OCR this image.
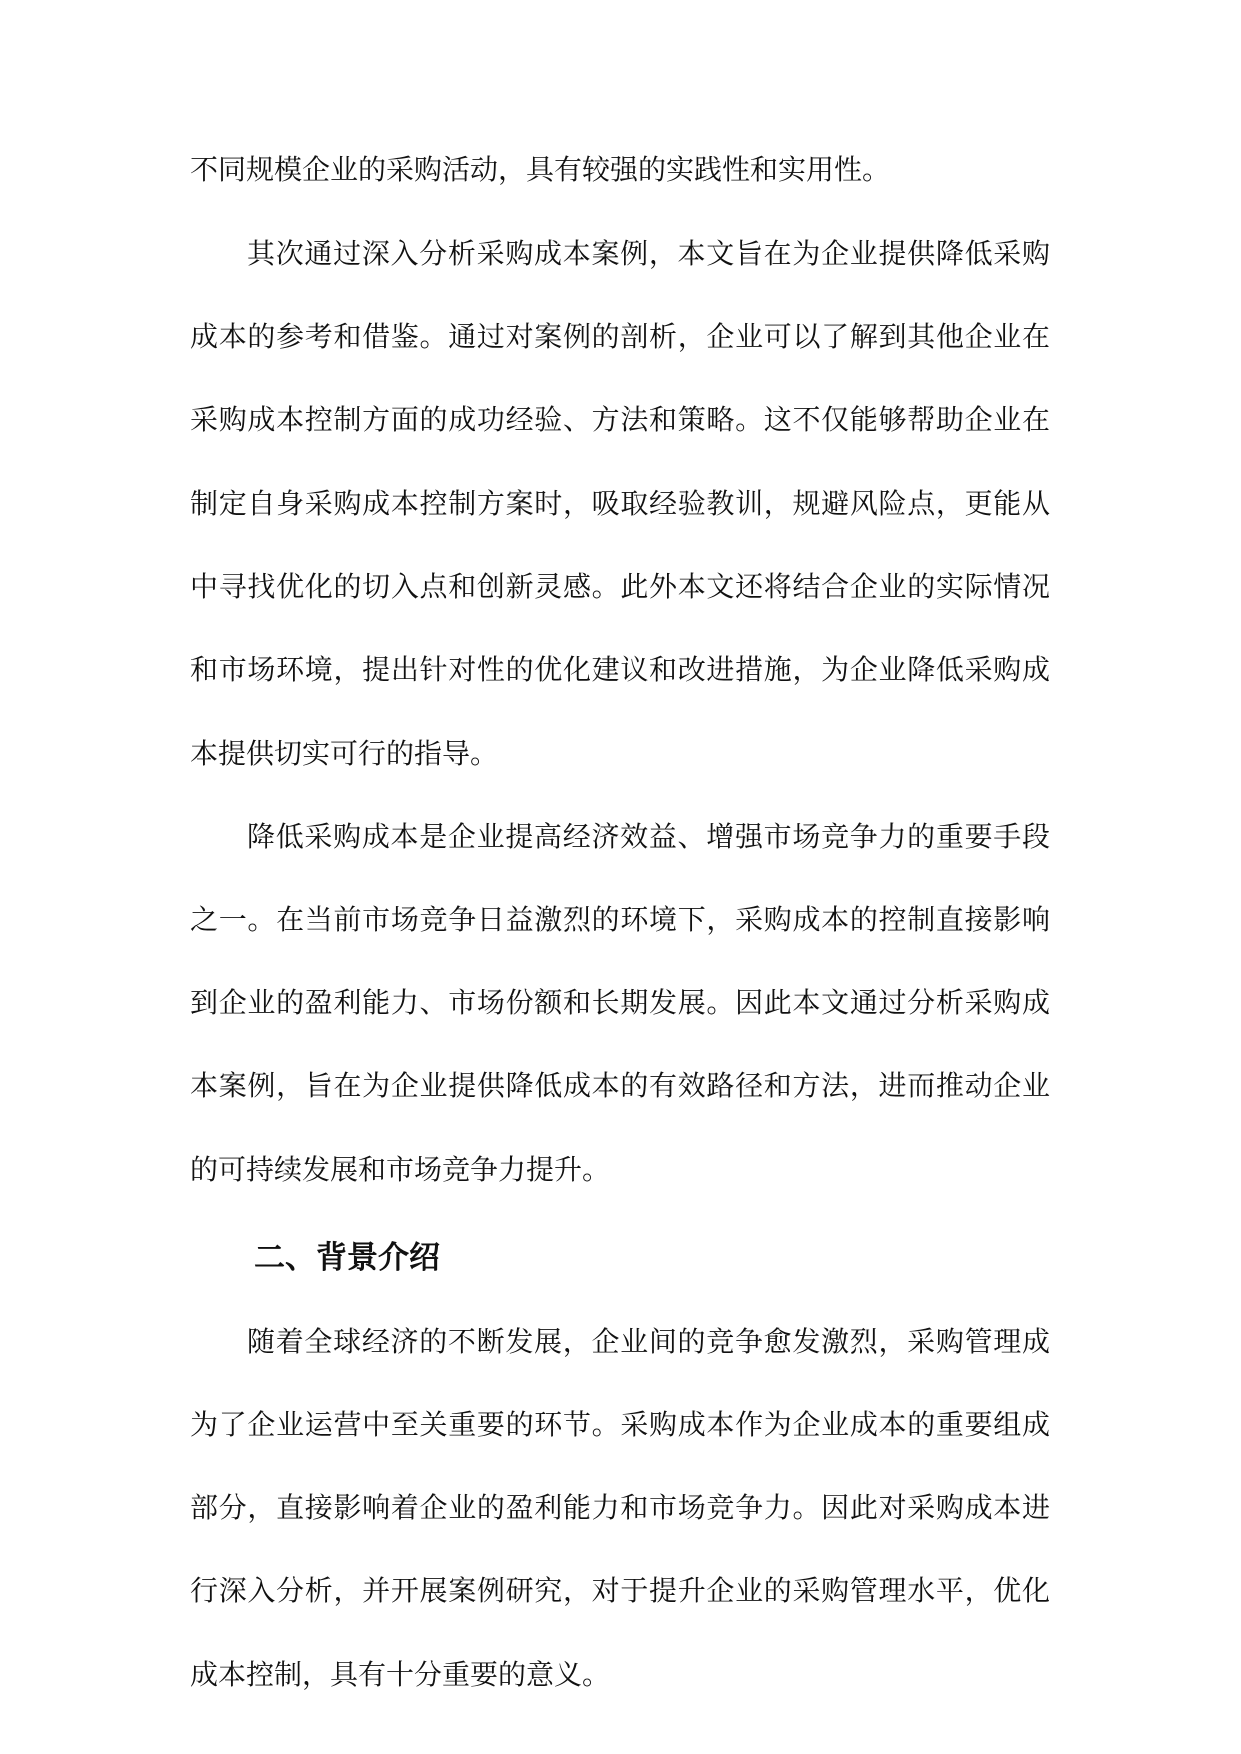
不同规模企业的采购活动，具有较强的实践性和实用性。
其次通过深入分析采购成本案例，本文旨在为企业提供降低采购
成本的参考和借鉴。通过对案例的剖析，企业可以了解到其他企业在
采购成本控制方面的成功经验、方法和策略。这不仅能够帮助企业在
制定自身采购成本控制方案时，吸取经验教训，规避风险点，更能从
中寻找优化的切入点和创新灵感。此外本文还将结合企业的实际情况
和市场环境，提出针对性的优化建议和改进措施，为企业降低采购成
本提供切实可行的指导。
降低采购成本是企业提高经济效益、增强市场竞争力的重要手段
之一。在当前市场竞争日益激烈的环境下，采购成本的控制直接影响
到企业的盈利能力、市场份额和长期发展。因此本文通过分析采购成
本案例，旨在为企业提供降低成本的有效路径和方法，进而推动企业
的可持续发展和市场竞争力提升。
二、背景介绍
随着全球经济的不断发展，企业间的竞争愈发激烈，采购管理成
为了企业运营中至关重要的环节。采购成本作为企业成本的重要组成
部分，直接影响着企业的盈利能力和市场竞争力。因此对采购成本进
行深入分析，并开展案例研究，对于提升企业的采购管理水平，优化
成本控制，具有十分重要的意义。
